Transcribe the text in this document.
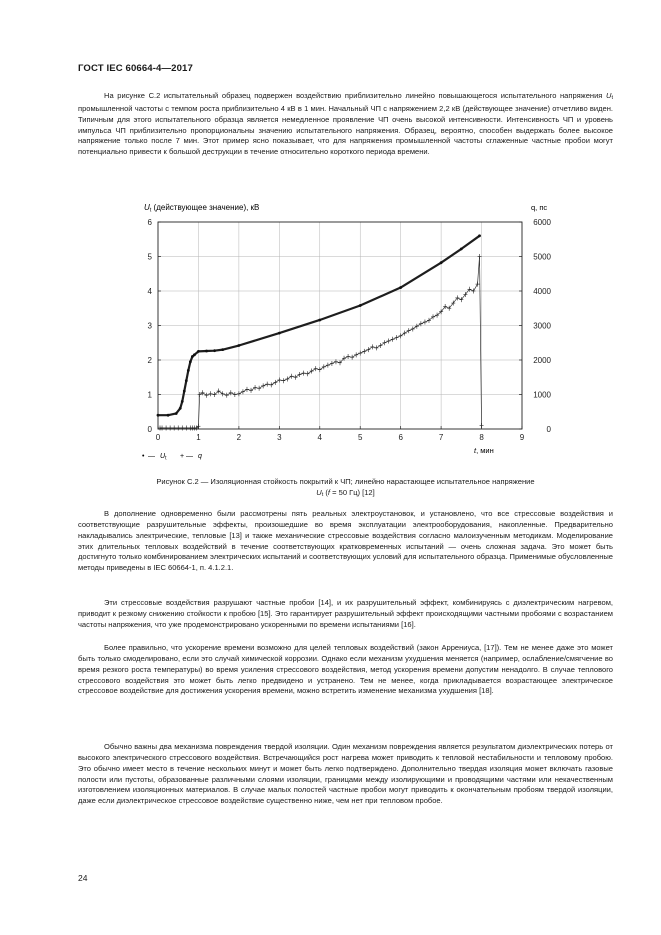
ГОСТ IEC 60664-4—2017

На рисунке С.2 испытательный образец подвержен воздействию приблизительно линейно повышающегося испытательного напряжения Ut промышленной частоты с темпом роста приблизительно 4 кВ в 1 мин. Начальный ЧП с напряжением 2,2 кВ (действующее значение) отчетливо виден. Типичным для этого испытательного образца является немедленное проявление ЧП очень высокой интенсивности. Интенсивность ЧП и уровень импульса ЧП приблизительно пропорциональны значению испытательного напряжения. Образец, вероятно, способен выдержать более высокое напряжение только после 7 мин. Этот пример ясно показывает, что для напряжения промышленной частоты сглаженные частные пробои могут потенциально привести к большой деструкции в течение относительно короткого периода времени.

0	1	2	3	4	5	6	7	8	9
0
1
2
3
4
5
6
0
1000
2000
3000
4000
5000
6000
Ut (действующее значение), кВ	q, пс
t, мин
• — $U_t$ + — q
Рисунок С.2 — Изоляционная стойкость покрытий к ЧП; линейно нарастающее испытательное напряжение
Ut (f = 50 Гц) [12]

В дополнение одновременно были рассмотрены пять реальных электроустановок, и установлено, что все стрессовые воздействия и соответствующие разрушительные эффекты, произошедшие во время эксплуатации электрооборудования, накопленные. Предварительно накладывались электрические, тепловые [13] и также механические стрессовые воздействия согласно малоизученным методикам. Моделирование этих длительных тепловых воздействий в течение соответствующих кратковременных испытаний — очень сложная задача. Это может быть достигнуто только комбинированием электрических испытаний и соответствующих условий для испытательного образца. Применимые обусловленные методы приведены в IEC 60664-1, п. 4.1.2.1.

Эти стрессовые воздействия разрушают частные пробои [14], и их разрушительный эффект, комбинируясь с диэлектрическим нагревом, приводит к резкому снижению стойкости к пробою [15]. Это гарантирует разрушительный эффект происходящими частными пробоями с возрастанием частоты напряжения, что уже продемонстрировано ускоренными по времени испытаниями [16].

Более правильно, что ускорение времени возможно для целей тепловых воздействий (закон Аррениуса, [17]). Тем не менее даже это может быть только смоделировано, если это случай химической коррозии. Однако если механизм ухудшения меняется (например, ослабление/смягчение во время резкого роста температуры) во время усиления стрессового воздействия, метод ускорения времени допустим ненадолго. В случае теплового стрессового воздействия это может быть легко предвидено и устранено. Тем не менее, когда прикладывается возрастающее электрическое стрессовое воздействие для достижения ускорения времени, можно встретить изменение механизма ухудшения [18].

Обычно важны два механизма повреждения твердой изоляции. Один механизм повреждения является результатом диэлектрических потерь от высокого электрического стрессового воздействия. Встречающийся рост нагрева может приводить к тепловой нестабильности и тепловому пробою. Это обычно имеет место в течение нескольких минут и может быть легко подтверждено. Дополнительно твердая изоляция может включать газовые полости или пустоты, образованные различными слоями изоляции, границами между изолирующими и проводящими частями или некачественным изготовлением изоляционных материалов. В случае малых полостей частные пробои могут приводить к окончательным пробоям твердой изоляции, даже если диэлектрическое стрессовое воздействие существенно ниже, чем нет при тепловом пробое.

24
